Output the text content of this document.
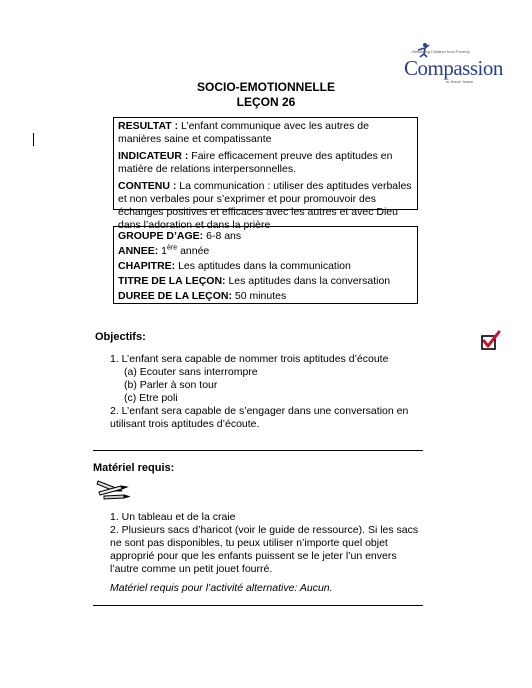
Releasing Children from Poverty
Compassion
in Jesus' Name
SOCIO-EMOTIONNELLE
LEÇON 26

RESULTAT : L’enfant communique avec les autres de manières saine et compatissante

INDICATEUR : Faire efficacement preuve des aptitudes en matière de relations interpersonnelles.

CONTENU : La communication : utiliser des aptitudes verbales et non verbales pour s’exprimer et pour promouvoir des échanges positives et efficaces avec les autres et avec Dieu dans l’adoration et dans la prière

GROUPE D’AGE: 6-8 ans

ANNEE: 1ère année

CHAPITRE: Les aptitudes dans la communication

TITRE DE LA LEÇON: Les aptitudes dans la conversation

DUREE DE LA LEÇON: 50 minutes

Objectifs:
1. L’enfant sera capable de nommer trois aptitudes d’écoute
(a) Ecouter sans interrompre
(b) Parler à son tour
(c) Etre poli
2. L’enfant sera capable de s’engager dans une conversation en
utilisant trois aptitudes d’écoute.
Matériel requis:
1. Un tableau et de la craie
2. Plusieurs sacs d’haricot (voir le guide de ressource). Si les sacs
ne sont pas disponibles, tu peux utiliser n’importe quel objet
approprié pour que les enfants puissent se le jeter l’un envers
l’autre comme un petit jouet fourré.
Matériel requis pour l’activité alternative: Aucun.
